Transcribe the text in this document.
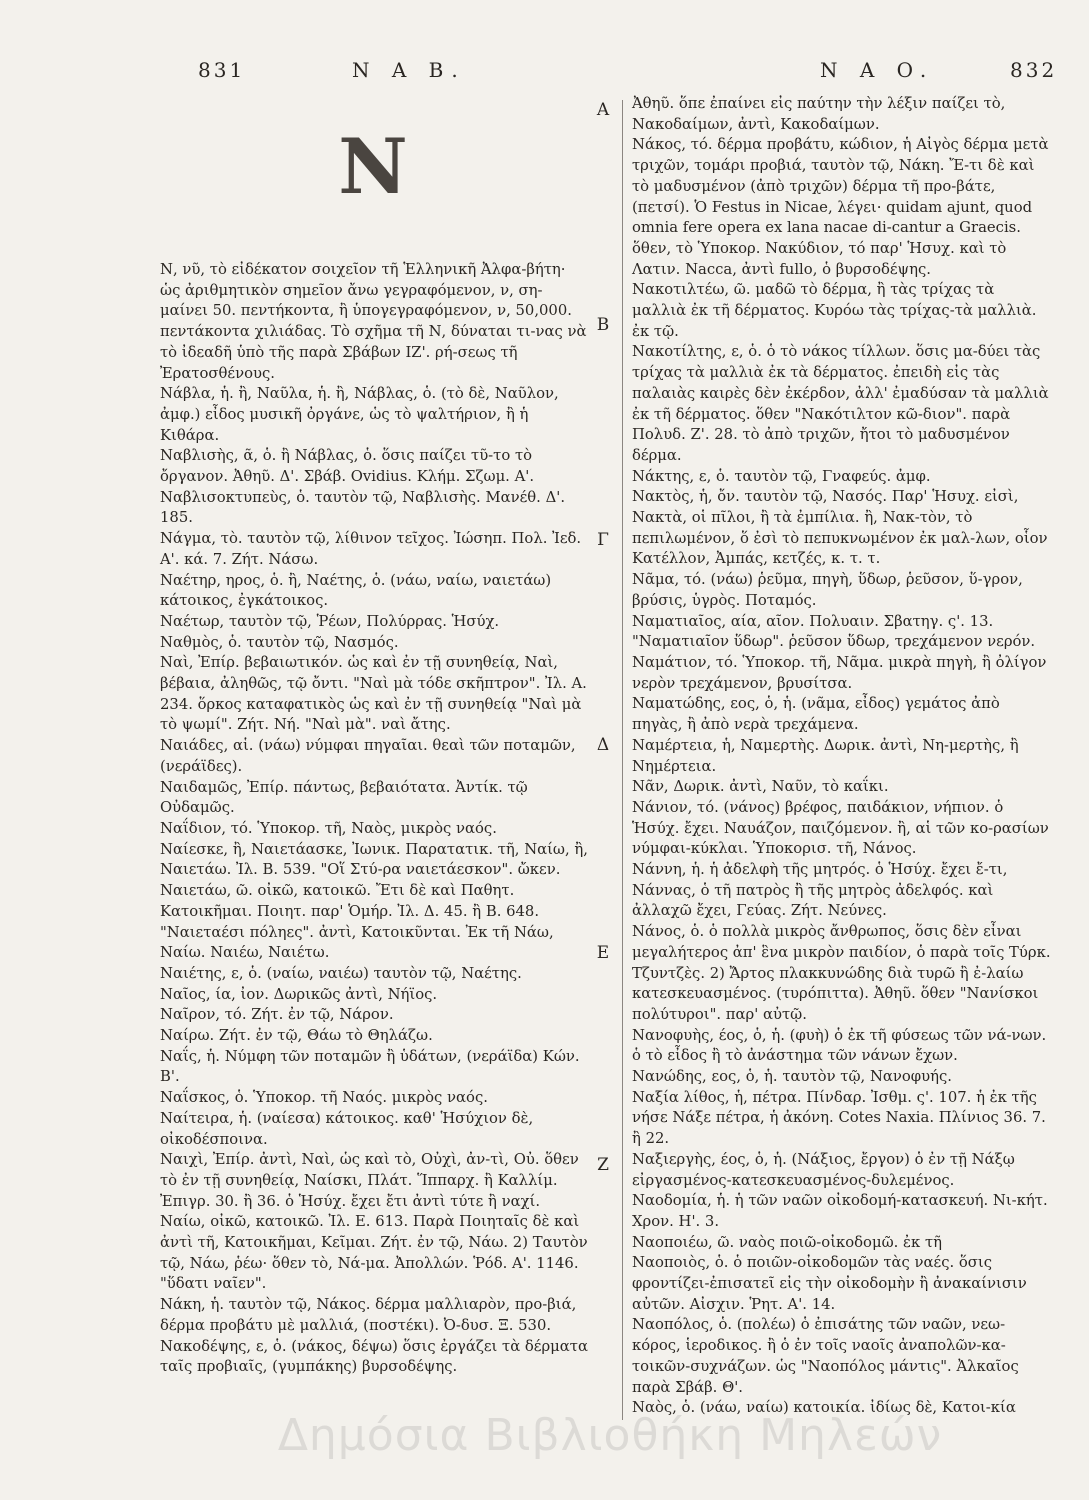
831	N A B.	N A O.	832
N
A
B
Γ
Δ
E
Z
Ν, νῦ, τὸ εἰδέκατον σοιχεῖον τῆ Ἑλληνικῆ Ἀλφα-βήτη· ὡς ἀριθμητικὸν σημεῖον ἄνω γεγραφόμενον, ν, ση-μαίνει 50. πεντήκοντα, ἢ ὑπογεγραφόμενον, ν, 50,000. πεντάκοντα χιλιάδας. Τὸ σχῆμα τῆ Ν, δύναται τι-νας νὰ τὸ ἰδεαδῆ ὑπὸ τῆς παρὰ Σβάβων ΙΖ'. ρή-σεως τῆ Ἐρατοσθένους.
Νάβλα, ἡ. ἢ, Ναῦλα, ἡ. ἢ, Νάβλας, ὁ. (τὸ δὲ, Ναῦλον, ἀμφ.) εἶδος μυσικῆ ὀργάνε, ὡς τὸ ψαλτήριον, ἢ ἡ Κιθάρα.
Ναβλισὴς, ᾶ, ὁ. ἢ Νάβλας, ὁ. ὅσις παίζει τῦ-το τὸ ὄργανον. Ἀθηῦ. Δ'. Σβάβ. Ovidius. Κλήμ. Σζωμ. Α'.
Ναβλισοκτυπεὺς, ὁ. ταυτὸν τῷ, Ναβλισὴς. Μανέθ. Δ'. 185.
Νάγμα, τὸ. ταυτὸν τῷ, λίθινον τεῖχος. Ἰώσηπ. Πολ. Ἰεδ. Α'. κά. 7. Ζήτ. Νάσω.
Ναέτηρ, ηρος, ὁ. ἢ, Ναέτης, ὁ. (νάω, ναίω, ναιετάω) κάτοικος, ἐγκάτοικος.
Ναέτωρ, ταυτὸν τῷ, Ῥέων, Πολύρρας. Ἡσύχ.
Ναθμὸς, ὁ. ταυτὸν τῷ, Νασμός.
Ναὶ, Ἐπίρ. βεβαιωτικόν. ὡς καὶ ἐν τῇ συνηθείᾳ, Ναὶ, βέβαια, ἀληθῶς, τῷ ὄντι. "Ναὶ μὰ τόδε σκῆπτρον". Ἰλ. Α. 234. ὅρκος καταφατικὸς ὡς καὶ ἐν τῇ συνηθείᾳ "Ναὶ μὰ τὸ ψωμί". Ζήτ. Νή. "Ναὶ μὰ". ναὶ ἄτης.
Ναιάδες, αἱ. (νάω) νύμφαι πηγαῖαι. θεαὶ τῶν ποταμῶν, (νεράϊδες).
Ναιδαμῶς, Ἐπίρ. πάντως, βεβαιότατα. Ἀντίκ. τῷ Οὐδαμῶς.
Ναΐδιον, τό. Ὑποκορ. τῆ, Ναὸς, μικρὸς ναός.
Ναίεσκε, ἢ, Ναιετάασκε, Ἰωνικ. Παρατατικ. τῆ, Ναίω, ἢ, Ναιετάω. Ἰλ. Β. 539. "Οἵ Στύ-ρα ναιετάεσκον". ὤκεν.
Ναιετάω, ῶ. οἰκῶ, κατοικῶ. Ἔτι δὲ καὶ Παθητ. Κατοικῆμαι. Ποιητ. παρ' Ὁμήρ. Ἰλ. Δ. 45. ἢ Β. 648. "Ναιεταέσι πόληες". ἀντὶ, Κατοικῦνται. Ἐκ τῆ Νάω, Ναίω. Ναιέω, Ναιέτω.
Ναιέτης, ε, ὁ. (ναίω, ναιέω) ταυτὸν τῷ, Ναέτης.
Ναῖος, ία, ἰον. Δωρικῶς ἀντὶ, Νήϊος.
Ναῖρον, τό. Ζήτ. ἐν τῷ, Νάρον.
Ναίρω. Ζήτ. ἐν τῷ, Θάω τὸ Θηλάζω.
Ναΐς, ἡ. Νύμφη τῶν ποταμῶν ἢ ὑδάτων, (νεράϊδα) Κών. Β'.
Ναΐσκος, ὁ. Ὑποκορ. τῆ Ναός. μικρὸς ναός.
Ναίτειρα, ἡ. (ναίεσα) κάτοικος. καθ' Ἡσύχιον δὲ, οἰκοδέσποινα.
Ναιχὶ, Ἐπίρ. ἀντὶ, Ναὶ, ὡς καὶ τὸ, Οὐχὶ, ἀν-τὶ, Οὐ. ὅθεν τὸ ἐν τῇ συνηθείᾳ, Ναίσκι, Πλάτ. Ἵππαρχ. ἢ Καλλίμ. Ἐπιγρ. 30. ἢ 36. ὁ Ἡσύχ. ἔχει ἔτι ἀντὶ τύτε ἢ ναχί.
Ναίω, οἰκῶ, κατοικῶ. Ἰλ. Ε. 613. Παρὰ Ποιηταῖς δὲ καὶ ἀντὶ τῆ, Κατοικῆμαι, Κεῖμαι. Ζήτ. ἐν τῷ, Νάω. 2) Ταυτὸν τῷ, Νάω, ῥέω· ὅθεν τὸ, Νά-μα. Ἀπολλών. Ῥόδ. Α'. 1146. "ὕδατι ναῖεν".
Νάκη, ἡ. ταυτὸν τῷ, Νάκος. δέρμα μαλλιαρὸν, προ-βιά, δέρμα προβάτυ μὲ μαλλιά, (ποστέκι). Ὀ-δυσ. Ξ. 530.
Νακοδέψης, ε, ὁ. (νάκος, δέψω) ὅσις ἐργάζει τὰ δέρματα ταῖς προβιαῖς, (γυμπάκης) βυρσοδέψης.
Ἀθηῦ. ὅπε ἐπαίνει εἰς παύτην τὴν λέξιν παίζει τὸ, Νακοδαίμων, ἀντὶ, Κακοδαίμων.
Νάκος, τό. δέρμα προβάτυ, κώδιον, ἡ Αἰγὸς δέρμα μετὰ τριχῶν, τομάρι προβιά, ταυτὸν τῷ, Νάκη. Ἔ-τι δὲ καὶ τὸ μαδυσμένον (ἀπὸ τριχῶν) δέρμα τῆ προ-βάτε, (πετσί). Ὁ Festus in Nicae, λέγει· quidam ajunt, quod omnia fere opera ex lana nacae di-cantur a Graecis. ὅθεν, τὸ Ὑποκορ. Νακύδιον, τό παρ' Ἡσυχ. καὶ τὸ Λατιν. Nacca, ἀντὶ fullo, ὁ βυρσοδέψης.
Νακοτιλτέω, ῶ. μαδῶ τὸ δέρμα, ἢ τὰς τρίχας τὰ μαλλιὰ ἐκ τῆ δέρματος. Κυρόω τὰς τρίχας-τὰ μαλλιὰ. ἐκ τῷ.
Νακοτίλτης, ε, ὁ. ὁ τὸ νάκος τίλλων. ὅσις μα-δύει τὰς τρίχας τὰ μαλλιὰ ἐκ τὰ δέρματος. ἐπειδὴ εἰς τὰς παλαιὰς καιρὲς δὲν ἐκέρδον, ἀλλ' ἐμαδύσαν τὰ μαλλιὰ ἐκ τῆ δέρματος. ὅθεν "Νακότιλτον κῶ-διον". παρὰ Πολυδ. Ζ'. 28. τὸ ἀπὸ τριχῶν, ἤτοι τὸ μαδυσμένον δέρμα.
Νάκτης, ε, ὁ. ταυτὸν τῷ, Γναφεύς. ἀμφ.
Νακτὸς, ἡ, ὄν. ταυτὸν τῷ, Νασός. Παρ' Ἡσυχ. εἰσὶ, Νακτὰ, οἱ πῖλοι, ἢ τὰ ἐμπίλια. ἢ, Νακ-τὸν, τὸ πεπιλωμένον, ὅ ἐσὶ τὸ πεπυκνωμένον ἐκ μαλ-λων, οἷον Κατέλλον, Ἀμπάς, κετζές, κ. τ. τ.
Νᾶμα, τό. (νάω) ῥεῦμα, πηγὴ, ὕδωρ, ῥεῦσον, ὕ-γρον, βρύσις, ὑγρὸς. Ποταμός.
Ναματιαῖος, αία, αῖον. Πολυαιν. Σβατηγ. ς'. 13. "Ναματιαῖον ὕδωρ". ῥεῦσον ὕδωρ, τρεχάμενον νερόν.
Ναμάτιον, τό. Ὑποκορ. τῆ, Νᾶμα. μικρὰ πηγὴ, ἢ ὀλίγον νερὸν τρεχάμενον, βρυσίτσα.
Ναματώδης, εος, ὁ, ἡ. (νᾶμα, εἶδος) γεμάτος ἀπὸ πηγὰς, ἢ ἀπὸ νερὰ τρεχάμενα.
Ναμέρτεια, ἡ, Ναμερτὴς. Δωρικ. ἀντὶ, Νη-μερτὴς, ἢ Νημέρτεια.
Νᾶν, Δωρικ. ἀντὶ, Ναῦν, τὸ καΐκι.
Νάνιον, τό. (νάνος) βρέφος, παιδάκιον, νήπιον. ὁ Ἡσύχ. ἔχει. Ναυάζον, παιζόμενον. ἢ, αἱ τῶν κο-ρασίων νύμφαι-κύκλαι. Ὑποκορισ. τῆ, Νάνος.
Νάννη, ἡ. ἡ ἀδελφὴ τῆς μητρός. ὁ Ἡσύχ. ἔχει ἔ-τι, Νάννας, ὁ τῆ πατρὸς ἢ τῆς μητρὸς ἀδελφός. καὶ ἀλλαχῶ ἔχει, Γεύας. Ζήτ. Νεύνες.
Νάνος, ὁ. ὁ πολλὰ μικρὸς ἄνθρωπος, ὅσις δὲν εἶναι μεγαλήτερος ἀπ' ἓνα μικρὸν παιδίον, ὁ παρὰ τοῖς Τύρκ. Τζυντζὲς. 2) Ἄρτος πλακκυνώδης διὰ τυρῶ ἢ ἐ-λαίω κατεσκευασμένος. (τυρόπιττα). Ἀθηῦ. ὅθεν "Νανίσκοι πολύτυροι". παρ' αὐτῷ.
Νανοφυὴς, έος, ὁ, ἡ. (φυὴ) ὁ ἐκ τῆ φύσεως τῶν νά-νων. ὁ τὸ εἶδος ἢ τὸ ἀνάστημα τῶν νάνων ἔχων.
Νανώδης, εος, ὁ, ἡ. ταυτὸν τῷ, Νανοφυής.
Ναξία λίθος, ἡ, πέτρα. Πίνδαρ. Ἰσθμ. ς'. 107. ἡ ἐκ τῆς νήσε Νάξε πέτρα, ἡ ἀκόνη. Cotes Naxia. Πλίνιος 36. 7. ἢ 22.
Ναξιεργὴς, έος, ὁ, ἡ. (Νάξιος, ἔργον) ὁ ἐν τῇ Νάξῳ εἰργασμένος-κατεσκευασμένος-δυλεμένος.
Ναοδομία, ἡ. ἡ τῶν ναῶν οἰκοδομή-κατασκευή. Νι-κήτ. Χρον. Η'. 3.
Ναοποιέω, ῶ. ναὸς ποιῶ-οἰκοδομῶ. ἐκ τῆ
Ναοποιὸς, ὁ. ὁ ποιῶν-οἰκοδομῶν τὰς ναές. ὅσις φροντίζει-ἐπισατεῖ εἰς τὴν οἰκοδομὴν ἢ ἀνακαίνισιν αὐτῶν. Αἰσχιν. Ῥητ. Α'. 14.
Ναοπόλος, ὁ. (πολέω) ὁ ἐπισάτης τῶν ναῶν, νεω-κόρος, ἱεροδικος. ἢ ὁ ἐν τοῖς ναοῖς ἀναπολῶν-κα-τοικῶν-συχνάζων. ὡς "Ναοπόλος μάντις". Ἀλκαῖος παρὰ Σβάβ. Θ'.
Ναὸς, ὁ. (νάω, ναίω) κατοικία. ἰδίως δὲ, Κατοι-κία
Δημόσια Βιβλιοθήκη Μηλεών
